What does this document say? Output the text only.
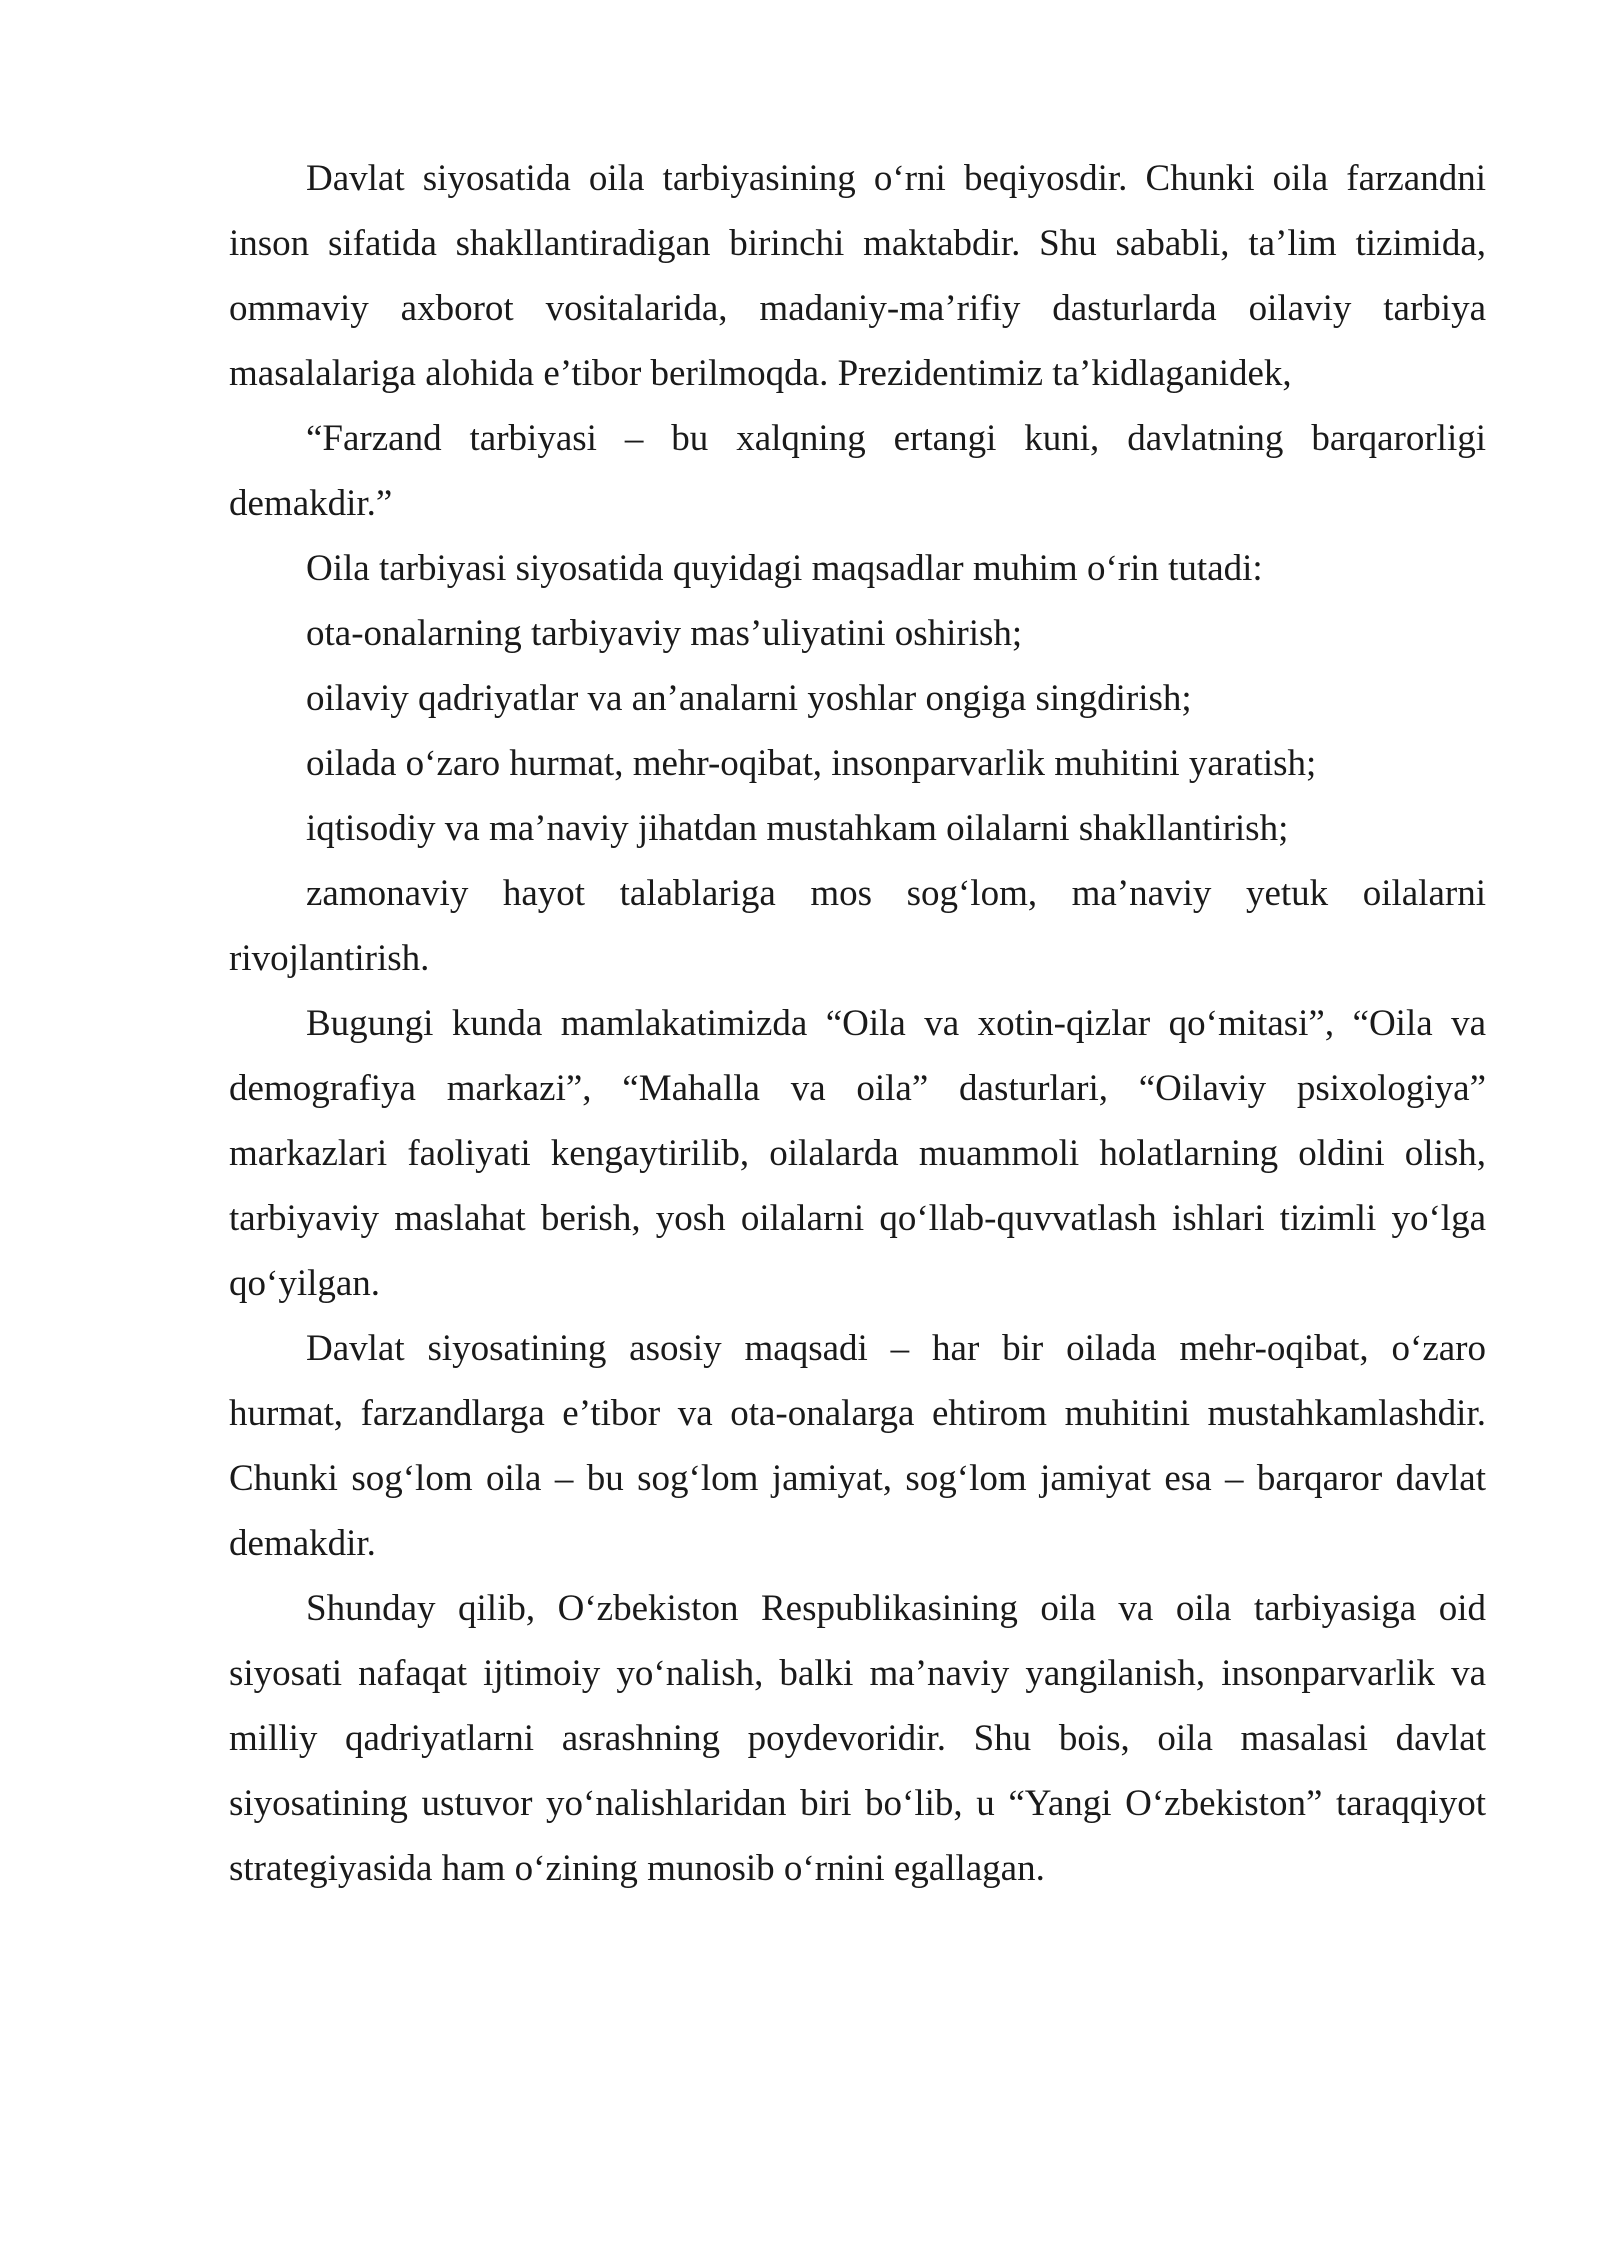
Davlat siyosatida oila tarbiyasining o‘rni beqiyosdir. Chunki oila farzandni inson sifatida shakllantiradigan birinchi maktabdir. Shu sababli, ta’lim tizimida, ommaviy axborot vositalarida, madaniy-ma’rifiy dasturlarda oilaviy tarbiya masalalariga alohida e’tibor berilmoqda. Prezidentimiz ta’kidlaganidek,

“Farzand tarbiyasi – bu xalqning ertangi kuni, davlatning barqarorligi demakdir.”

Oila tarbiyasi siyosatida quyidagi maqsadlar muhim o‘rin tutadi:

ota-onalarning tarbiyaviy mas’uliyatini oshirish;

oilaviy qadriyatlar va an’analarni yoshlar ongiga singdirish;

oilada o‘zaro hurmat, mehr-oqibat, insonparvarlik muhitini yaratish;

iqtisodiy va ma’naviy jihatdan mustahkam oilalarni shakllantirish;

zamonaviy hayot talablariga mos sog‘lom, ma’naviy yetuk oilalarni rivojlantirish.

Bugungi kunda mamlakatimizda “Oila va xotin-qizlar qo‘mitasi”, “Oila va demografiya markazi”, “Mahalla va oila” dasturlari, “Oilaviy psixologiya” markazlari faoliyati kengaytirilib, oilalarda muammoli holatlarning oldini olish, tarbiyaviy maslahat berish, yosh oilalarni qo‘llab-quvvatlash ishlari tizimli yo‘lga qo‘yilgan.

Davlat siyosatining asosiy maqsadi – har bir oilada mehr-oqibat, o‘zaro hurmat, farzandlarga e’tibor va ota-onalarga ehtirom muhitini mustahkamlashdir. Chunki sog‘lom oila – bu sog‘lom jamiyat, sog‘lom jamiyat esa – barqaror davlat demakdir.

Shunday qilib, O‘zbekiston Respublikasining oila va oila tarbiyasiga oid siyosati nafaqat ijtimoiy yo‘nalish, balki ma’naviy yangilanish, insonparvarlik va milliy qadriyatlarni asrashning poydevoridir. Shu bois, oila masalasi davlat siyosatining ustuvor yo‘nalishlaridan biri bo‘lib, u “Yangi O‘zbekiston” taraqqiyot strategiyasida ham o‘zining munosib o‘rnini egallagan.
